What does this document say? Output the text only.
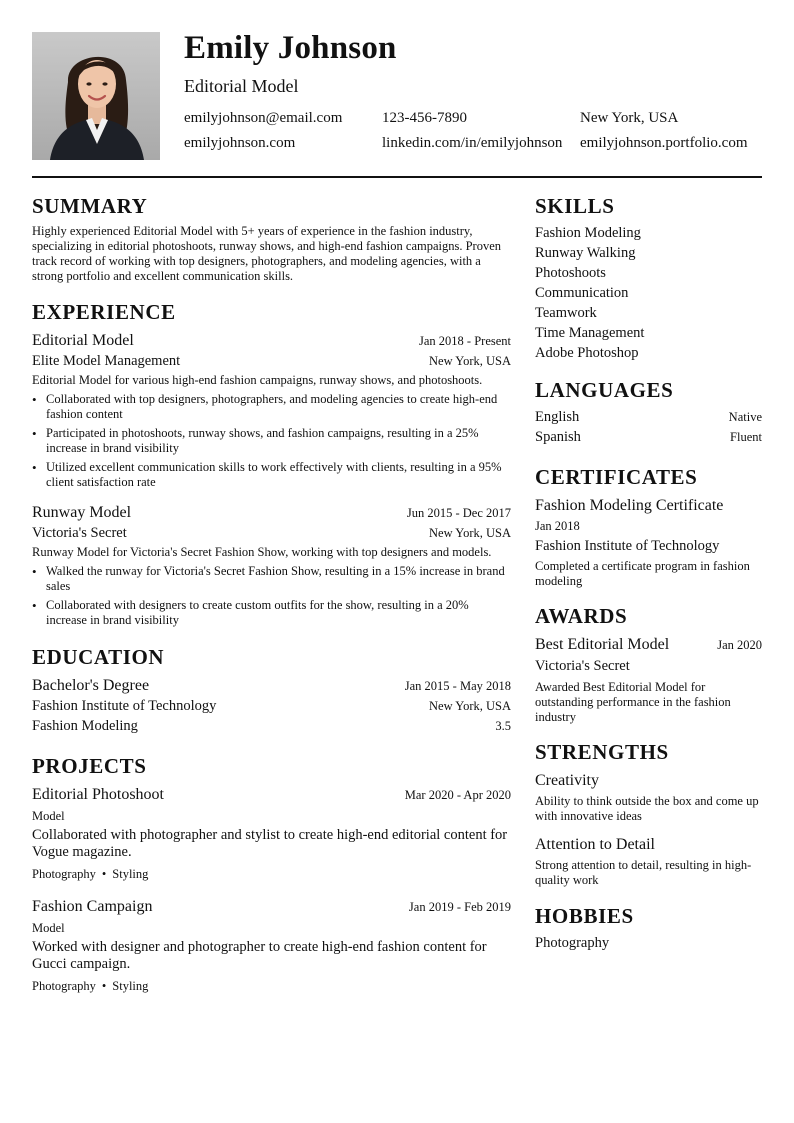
Emily Johnson
Editorial Model
emilyjohnson@email.com	123-456-7890	New York, USA
emilyjohnson.com	linkedin.com/in/emilyjohnson emilyjohnson.portfolio.com
SUMMARY
Highly experienced Editorial Model with 5+ years of experience in the fashion industry, specializing in editorial photoshoots, runway shows, and high-end fashion campaigns. Proven track record of working with top designers, photographers, and modeling agencies, with a strong portfolio and excellent communication skills.
EXPERIENCE
Editorial Model	Jan 2018 - Present
Elite Model Management	New York, USA
Editorial Model for various high-end fashion campaigns, runway shows, and photoshoots.
• Collaborated with top designers, photographers, and modeling agencies to create high-end fashion content
• Participated in photoshoots, runway shows, and fashion campaigns, resulting in a 25% increase in brand visibility
• Utilized excellent communication skills to work effectively with clients, resulting in a 95% client satisfaction rate
Runway Model	Jun 2015 - Dec 2017
Victoria's Secret	New York, USA
Runway Model for Victoria's Secret Fashion Show, working with top designers and models.
• Walked the runway for Victoria's Secret Fashion Show, resulting in a 15% increase in brand sales
• Collaborated with designers to create custom outfits for the show, resulting in a 20% increase in brand visibility
EDUCATION
Bachelor's Degree	Jan 2015 - May 2018
Fashion Institute of Technology	New York, USA
Fashion Modeling	3.5
PROJECTS
Editorial Photoshoot	Mar 2020 - Apr 2020
Model
Collaborated with photographer and stylist to create high-end editorial content for Vogue magazine.
Photography • Styling
Fashion Campaign	Jan 2019 - Feb 2019
Model
Worked with designer and photographer to create high-end fashion content for Gucci campaign.
Photography • Styling
SKILLS
Fashion Modeling
Runway Walking
Photoshoots
Communication
Teamwork
Time Management
Adobe Photoshop
LANGUAGES
English	Native
Spanish	Fluent
CERTIFICATES
Fashion Modeling Certificate
Jan 2018
Fashion Institute of Technology
Completed a certificate program in fashion modeling
AWARDS
Best Editorial Model	Jan 2020
Victoria's Secret
Awarded Best Editorial Model for outstanding performance in the fashion industry
STRENGTHS
Creativity
Ability to think outside the box and come up with innovative ideas
Attention to Detail
Strong attention to detail, resulting in high-quality work
HOBBIES
Photography
